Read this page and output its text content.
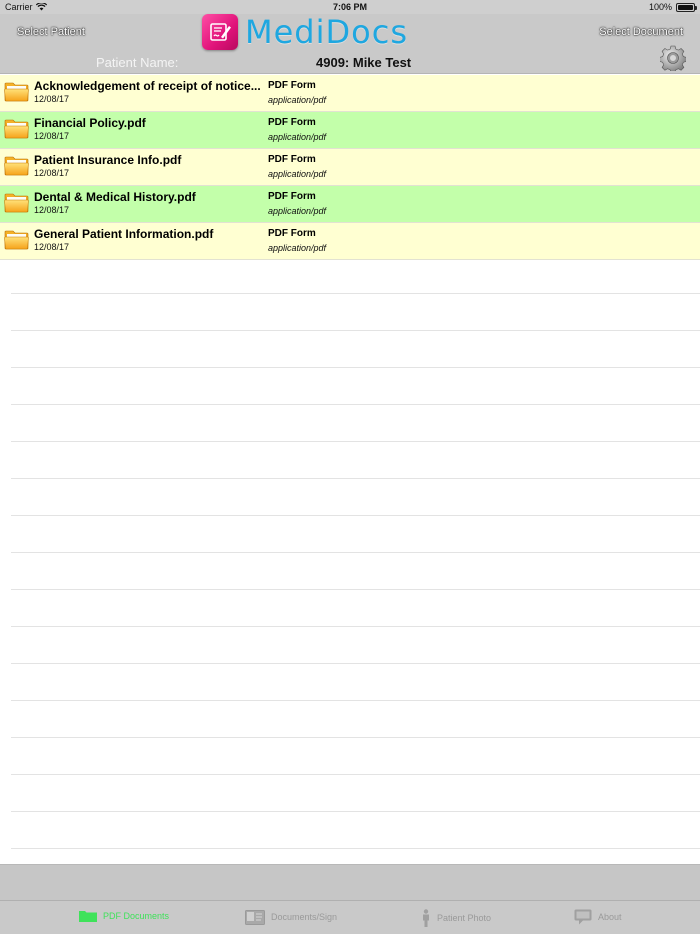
Carrier	7:06 PM	100%
Select Patient	MediDocs	Select Document
Patient Name:	4909: Mike Test
Acknowledgement of receipt of notice...
12/08/17
PDF Form
application/pdf
Financial Policy.pdf
12/08/17
PDF Form
application/pdf
Patient Insurance Info.pdf
12/08/17
PDF Form
application/pdf
Dental & Medical History.pdf
12/08/17
PDF Form
application/pdf
General Patient Information.pdf
12/08/17
PDF Form
application/pdf
PDF Documents	Documents/Sign	Patient Photo	About
